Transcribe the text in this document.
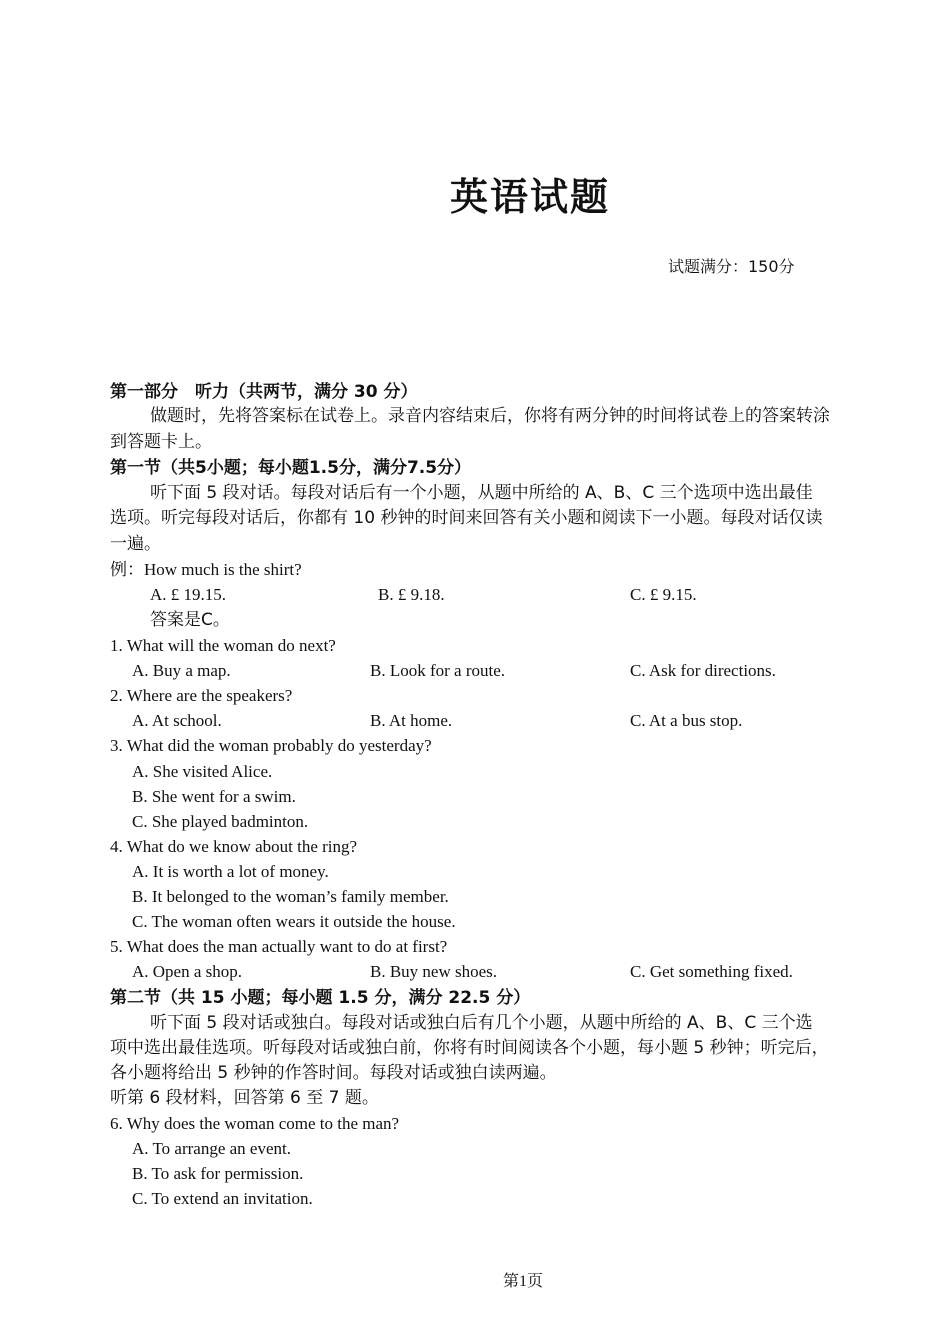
英语试题
试题满分：150分
第一部分　听力（共两节，满分 30 分）
做题时，先将答案标在试卷上。录音内容结束后，你将有两分钟的时间将试卷上的答案转涂
到答题卡上。
第一节（共5小题；每小题1.5分，满分7.5分）
听下面 5 段对话。每段对话后有一个小题，从题中所给的 A、B、C 三个选项中选出最佳
选项。听完每段对话后，你都有 10 秒钟的时间来回答有关小题和阅读下一小题。每段对话仅读
一遍。
例：How much is the shirt?
A. £ 19.15.	B. £ 9.18.	C. £ 9.15.
答案是C。
1. What will the woman do next?
A. Buy a map.	B. Look for a route.	C. Ask for directions.
2. Where are the speakers?
A. At school.	B. At home.	C. At a bus stop.
3. What did the woman probably do yesterday?
A. She visited Alice.
B. She went for a swim.
C. She played badminton.
4. What do we know about the ring?
A. It is worth a lot of money.
B. It belonged to the woman’s family member.
C. The woman often wears it outside the house.
5. What does the man actually want to do at first?
A. Open a shop.	B. Buy new shoes.	C. Get something fixed.
第二节（共 15 小题；每小题 1.5 分，满分 22.5 分）
听下面 5 段对话或独白。每段对话或独白后有几个小题，从题中所给的 A、B、C 三个选
项中选出最佳选项。听每段对话或独白前，你将有时间阅读各个小题，每小题 5 秒钟；听完后，
各小题将给出 5 秒钟的作答时间。每段对话或独白读两遍。
听第 6 段材料，回答第 6 至 7 题。
6. Why does the woman come to the man?
A. To arrange an event.
B. To ask for permission.
C. To extend an invitation.
第1页
